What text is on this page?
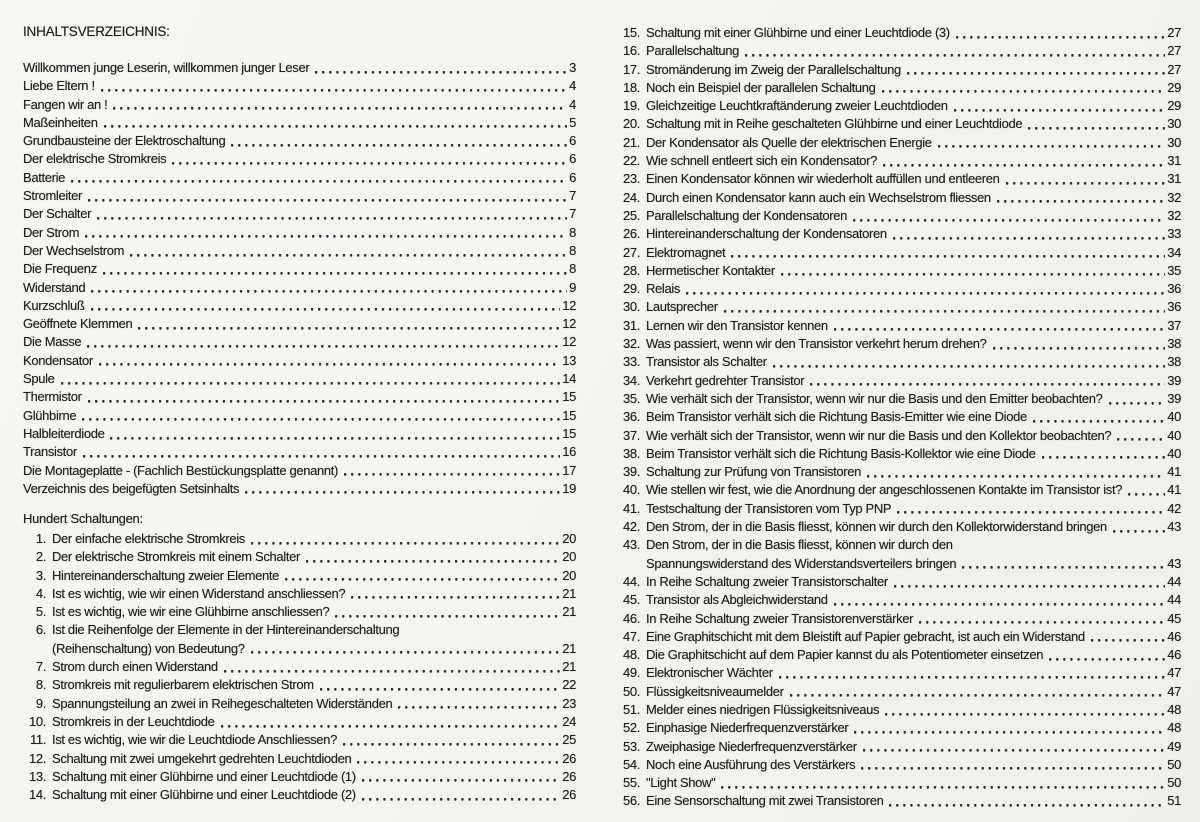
INHALTSVERZEICHNIS:
Willkommen junge Leserin, willkommen junger Leser	3
Liebe Eltern !	4
Fangen wir an !	4
Maßeinheiten	5
Grundbausteine der Elektroschaltung	6
Der elektrische Stromkreis	6
Batterie	6
Stromleiter	7
Der Schalter	7
Der Strom	8
Der Wechselstrom	8
Die Frequenz	8
Widerstand	9
Kurzschluß	12
Geöffnete Klemmen	12
Die Masse	12
Kondensator	13
Spule	14
Thermistor	15
Glühbirne	15
Halbleiterdiode	15
Transistor	16
Die Montageplatte - (Fachlich Bestückungsplatte genannt)	17
Verzeichnis des beigefügten Setsinhalts	19
Hundert Schaltungen:
1. Der einfache elektrische Stromkreis	20
2. Der elektrische Stromkreis mit einem Schalter	20
3. Hintereinanderschaltung zweier Elemente	20
4. Ist es wichtig, wie wir einen Widerstand anschliessen?	21
5. Ist es wichtig, wie wir eine Glühbirne anschliessen?	21
6. Ist die Reihenfolge der Elemente in der Hintereinanderschaltung
(Reihenschaltung) von Bedeutung?	21
7. Strom durch einen Widerstand	21
8. Stromkreis mit regulierbarem elektrischen Strom	22
9. Spannungsteilung an zwei in Reihegeschalteten Widerständen	23
10. Stromkreis in der Leuchtdiode	24
11. Ist es wichtig, wie wir die Leuchtdiode Anschliessen?	25
12. Schaltung mit zwei umgekehrt gedrehten Leuchtdioden	26
13. Schaltung mit einer Glühbirne und einer Leuchtdiode (1)	26
14. Schaltung mit einer Glühbirne und einer Leuchtdiode (2)	26
15. Schaltung mit einer Glühbirne und einer Leuchtdiode (3)	27
16. Parallelschaltung	27
17. Stromänderung im Zweig der Parallelschaltung	27
18. Noch ein Beispiel der parallelen Schaltung	29
19. Gleichzeitige Leuchtkraftänderung zweier Leuchtdioden	29
20. Schaltung mit in Reihe geschalteten Glühbirne und einer Leuchtdiode	30
21. Der Kondensator als Quelle der elektrischen Energie	30
22. Wie schnell entleert sich ein Kondensator?	31
23. Einen Kondensator können wir wiederholt auffüllen und entleeren	31
24. Durch einen Kondensator kann auch ein Wechselstrom fliessen	32
25. Parallelschaltung der Kondensatoren	32
26. Hintereinanderschaltung der Kondensatoren	33
27. Elektromagnet	34
28. Hermetischer Kontakter	35
29. Relais	36
30. Lautsprecher	36
31. Lernen wir den Transistor kennen	37
32. Was passiert, wenn wir den Transistor verkehrt herum drehen?	38
33. Transistor als Schalter	38
34. Verkehrt gedrehter Transistor	39
35. Wie verhält sich der Transistor, wenn wir nur die Basis und den Emitter beobachten?	39
36. Beim Transistor verhält sich die Richtung Basis-Emitter wie eine Diode	40
37. Wie verhält sich der Transistor, wenn wir nur die Basis und den Kollektor beobachten?	40
38. Beim Transistor verhält sich die Richtung Basis-Kollektor wie eine Diode	40
39. Schaltung zur Prüfung von Transistoren	41
40. Wie stellen wir fest, wie die Anordnung der angeschlossenen Kontakte im Transistor ist?	41
41. Testschaltung der Transistoren vom Typ PNP	42
42. Den Strom, der in die Basis fliesst, können wir durch den Kollektorwiderstand bringen	43
43. Den Strom, der in die Basis fliesst, können wir durch den
Spannungswiderstand des Widerstandsverteilers bringen	43
44. In Reihe Schaltung zweier Transistorschalter	44
45. Transistor als Abgleichwiderstand	44
46. In Reihe Schaltung zweier Transistorenverstärker	45
47. Eine Graphitschicht mit dem Bleistift auf Papier gebracht, ist auch ein Widerstand	46
48. Die Graphitschicht auf dem Papier kannst du als Potentiometer einsetzen	46
49. Elektronischer Wächter	47
50. Flüssigkeitsniveaumelder	47
51. Melder eines niedrigen Flüssigkeitsniveaus	48
52. Einphasige Niederfrequenzverstärker	48
53. Zweiphasige Niederfrequenzverstärker	49
54. Noch eine Ausführung des Verstärkers	50
55. "Light Show"	50
56. Eine Sensorschaltung mit zwei Transistoren	51
